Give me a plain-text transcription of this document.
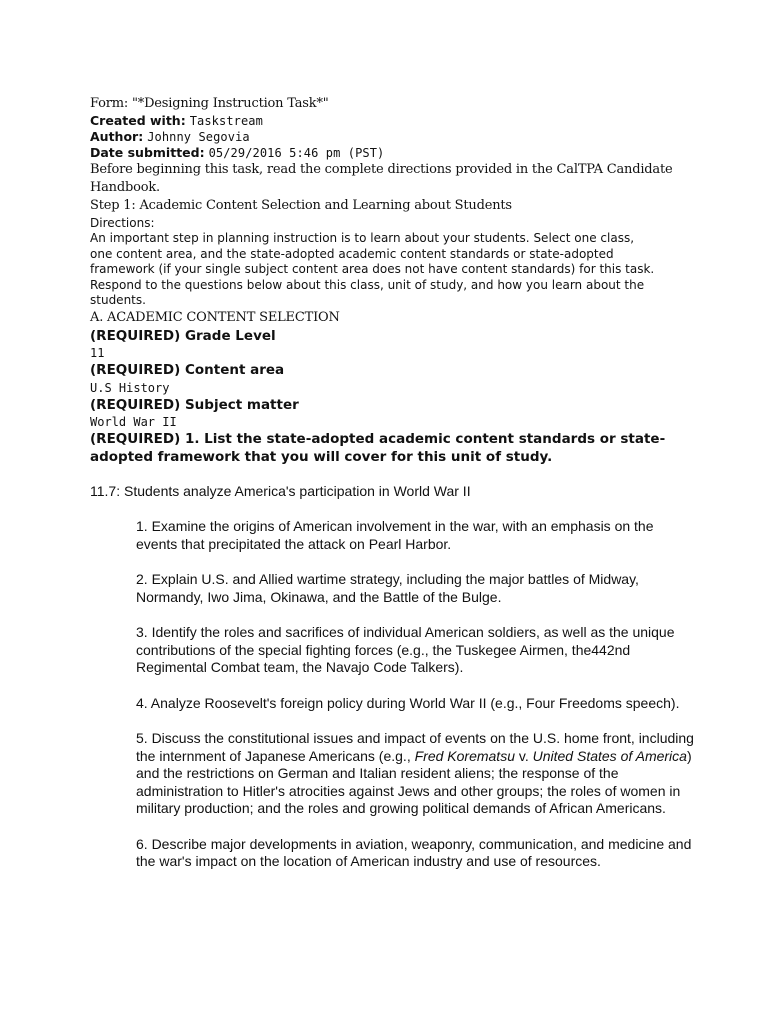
Form: "*Designing Instruction Task*"
Created with: Taskstream
Author: Johnny Segovia
Date submitted: 05/29/2016 5:46 pm (PST)
Before beginning this task, read the complete directions provided in the CalTPA Candidate Handbook.
Step 1: Academic Content Selection and Learning about Students
Directions:
An important step in planning instruction is to learn about your students. Select one class, one content area, and the state-adopted academic content standards or state-adopted framework (if your single subject content area does not have content standards) for this task. Respond to the questions below about this class, unit of study, and how you learn about the students.
A. ACADEMIC CONTENT SELECTION
(REQUIRED) Grade Level
11
(REQUIRED) Content area
U.S History
(REQUIRED) Subject matter
World War II
(REQUIRED) 1. List the state-adopted academic content standards or state-adopted framework that you will cover for this unit of study.
11.7: Students analyze America's participation in World War II
1. Examine the origins of American involvement in the war, with an emphasis on the events that precipitated the attack on Pearl Harbor.
2. Explain U.S. and Allied wartime strategy, including the major battles of Midway, Normandy, Iwo Jima, Okinawa, and the Battle of the Bulge.
3. Identify the roles and sacrifices of individual American soldiers, as well as the unique contributions of the special fighting forces (e.g., the Tuskegee Airmen, the442nd Regimental Combat team, the Navajo Code Talkers).
4. Analyze Roosevelt's foreign policy during World War II (e.g., Four Freedoms speech).
5. Discuss the constitutional issues and impact of events on the U.S. home front, including the internment of Japanese Americans (e.g., Fred Korematsu v. United States of America) and the restrictions on German and Italian resident aliens; the response of the administration to Hitler's atrocities against Jews and other groups; the roles of women in military production; and the roles and growing political demands of African Americans.
6. Describe major developments in aviation, weaponry, communication, and medicine and the war's impact on the location of American industry and use of resources.
